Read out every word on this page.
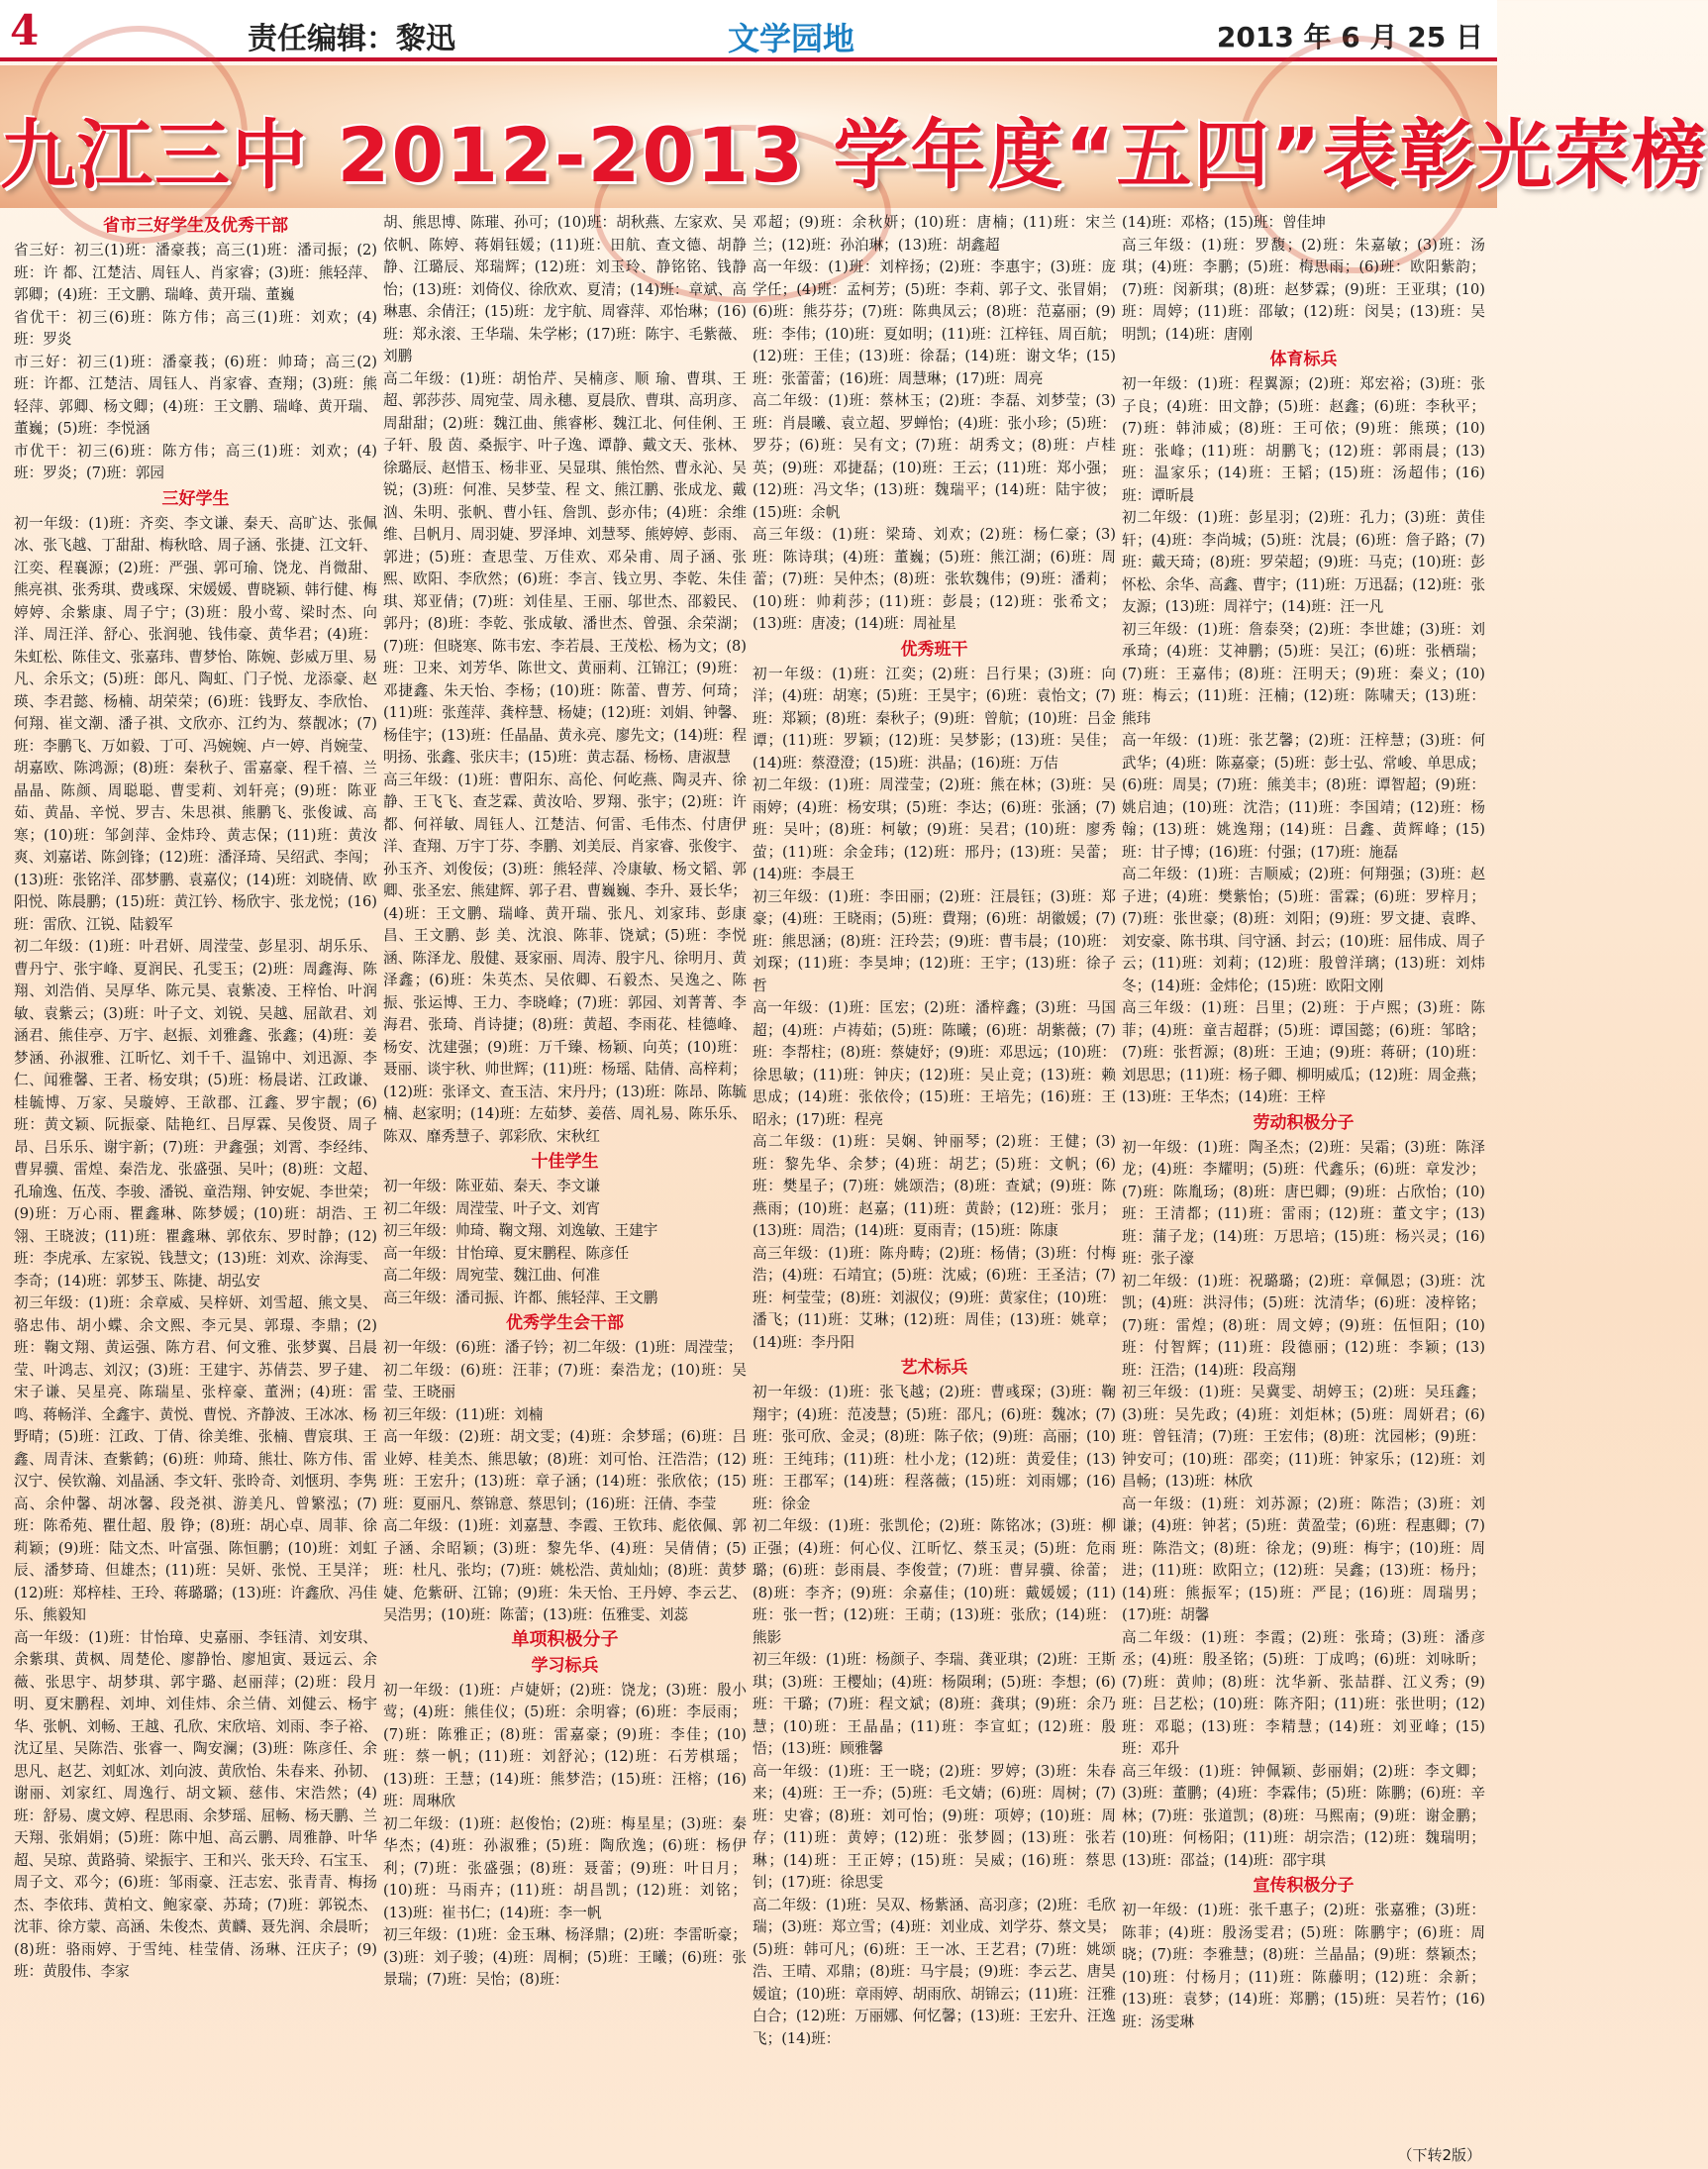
4	责任编辑：黎迅	文学园地	2013 年 6 月 25 日
九江三中 2012-2013 学年度“五四”表彰光荣榜
省市三好学生及优秀干部

省三好：初三(1)班：潘豪莪；高三(1)班：潘司振；(2)班：许 都、江楚洁、周钰人、肖家睿；(3)班：熊轻萍、郭卿；(4)班：王文鹏、瑞峰、黄开瑞、董巍

省优干：初三(6)班：陈方伟；高三(1)班：刘欢；(4)班：罗炎

市三好：初三(1)班：潘豪莪；(6)班：帅琦；高三(2)班：许都、江楚洁、周钰人、肖家睿、查翔；(3)班：熊轻萍、郭卿、杨文卿；(4)班：王文鹏、瑞峰、黄开瑞、董巍；(5)班：李悦涵

市优干：初三(6)班：陈方伟；高三(1)班：刘欢；(4)班：罗炎；(7)班：郭园

三好学生

初一年级：(1)班：齐奕、李文谦、秦天、高旷达、张佩冰、张飞越、丁甜甜、梅秋晗、周子涵、张捷、江文轩、江奕、程襄源；(2)班：严强、郭可瑜、饶龙、肖微甜、熊亮祺、张秀琪、费彧琛、宋媛媛、曹晓颖、韩行健、梅婷婷、余紫康、周子宁；(3)班：殷小莺、梁时杰、向洋、周汪洋、舒心、张润驰、钱伟豪、黄华君；(4)班：朱虹松、陈佳文、张嘉玮、曹梦怡、陈婉、彭威万里、易凡、余乐文；(5)班：郎凡、陶虹、门子悦、龙添豪、赵瑛、李君懿、杨楠、胡荣荣；(6)班：钱野友、李欣怡、何翔、崔文潮、潘子祺、文欣亦、江约为、蔡靓冰；(7)班：李鹏飞、万如毅、丁可、冯婉婉、卢一婷、肖婉莹、胡嘉欧、陈鸿源；(8)班：秦秋子、雷嘉豪、程千禧、兰晶晶、陈颜、周聪聪、曹雯莉、刘轩亮；(9)班：陈亚茹、黄晶、辛悦、罗吉、朱思祺、熊鹏飞、张俊诚、高寒；(10)班：邹剑萍、金炜玲、黄志保；(11)班：黄汝爽、刘嘉诺、陈剑锋；(12)班：潘泽琦、吴绍武、李闯；(13)班：张铭洋、邵梦鹏、袁嘉仪；(14)班：刘晓倩、欧阳悦、陈晨鹏；(15)班：黄江钤、杨欣宇、张龙悦；(16)班：雷欣、江锐、陆毅军

初二年级：(1)班：叶君妍、周滢莹、彭星羽、胡乐乐、曹丹宁、张宇峰、夏润民、孔雯玉；(2)班：周鑫海、陈翔、刘浩俏、吴厚华、陈元昊、袁紫凌、王梓怡、叶润敏、袁紫云；(3)班：叶子文、刘锐、吴越、屈歆君、刘涵君、熊佳亭、万宇、赵振、刘雅鑫、张鑫；(4)班：姜梦涵、孙淑雅、江昕忆、刘千千、温锦中、刘迅源、李仁、闻雅馨、王者、杨安琪；(5)班：杨晨诺、江政谦、桂毓博、万家、吴璇婷、王歆郡、江鑫、罗宇靓；(6)班：黄文颖、阮振豪、陆艳红、吕厚霖、吴俊贤、周子昂、吕乐乐、谢宇新；(7)班：尹鑫强；刘霄、李经纬、曹昇骥、雷煌、秦浩龙、张盛强、吴叶；(8)班：文超、孔瑜逸、伍茂、李骏、潘锐、童浩翔、钟安妮、李世荣；(9)班：万心雨、瞿鑫琳、陈梦媛；(10)班：胡浩、王翎、王晓波；(11)班：瞿鑫琳、郭依东、罗时静；(12)班：李虎承、左家锐、钱慧文；(13)班：刘欢、涂海雯、李奇；(14)班：郭梦玉、陈捷、胡弘安

初三年级：(1)班：余章威、吴梓妍、刘雪超、熊文昊、骆忠伟、胡小蝶、余文熙、李元昊、郭璟、李鼎；(2)班：鞠文翔、黄运强、陈方君、何文雅、张梦翼、吕晨莹、叶鸿志、刘汉；(3)班：王建宇、苏倩芸、罗子建、宋子谦、吴星亮、陈瑞星、张梓豪、董洲；(4)班：雷鸣、蒋畅洋、全鑫宇、黄悦、曹悦、齐静波、王冰冰、杨野晴；(5)班：江政、丁倩、徐美维、张楠、曹宸琪、王鑫、周青沫、查紫鹤；(6)班：帅琦、熊壮、陈方伟、雷汉宁、侯钦瀚、刘晶涵、李文轩、张昤奇、刘惬玥、李隽高、余仲馨、胡冰馨、段尧祺、游美凡、曾繁泓；(7)班：陈希苑、瞿仕超、殷 铮；(8)班：胡心卓、周菲、徐莉颖；(9)班：陆文杰、叶富强、陈恒鹏；(10)班：刘虹辰、潘梦琦、但雄杰；(11)班：吴妍、张悦、王昊洋；(12)班：郑梓桂、王玲、蒋璐璐；(13)班：许鑫欣、冯佳乐、熊毅知

高一年级：(1)班：甘怡璋、史嘉丽、李钰清、刘安琪、余紫琪、黄枫、周楚伦、廖静怡、廖旭寅、聂远云、余薇、张思宇、胡梦琪、郭宇璐、赵丽萍；(2)班：段月明、夏宋鹏程、刘坤、刘佳炜、余兰倩、刘健云、杨宇华、张帆、刘畅、王越、孔欣、宋欣培、刘雨、李子裕、沈辽星、吴陈浩、张睿一、陶安澜；(3)班：陈彦任、余思凡、赵艺、刘虹冰、刘向波、黄欣怡、朱春来、孙韧、谢丽、刘家红、周逸行、胡文颖、慈伟、宋浩然；(4)班：舒易、虞文婷、程思雨、余梦瑶、屈畅、杨天鹏、兰天翔、张娟娟；(5)班：陈中旭、高云鹏、周雅静、叶华超、吴琼、黄路骑、梁振宇、王和兴、张天玲、石宝玉、周子文、邓今；(6)班：邹雨豪、汪志宏、张青青、梅扬杰、李依玮、黄柏文、鲍家豪、苏琦；(7)班：郭锐杰、沈菲、徐方蒙、高涵、朱俊杰、黄麟、聂先润、余晨昕；(8)班：骆雨婷、于雪纯、桂莹倩、汤琳、汪庆子；(9)班：黄殷伟、李家

胡、熊思博、陈璀、孙可；(10)班：胡秋燕、左家欢、吴依帆、陈婷、蒋娟钰媛；(11)班：田航、查文德、胡静静、江璐辰、郑瑞辉；(12)班：刘玉玲、静铭铭、钱静怡；(13)班：刘倚仪、徐欣欢、夏清；(14)班：章斌、高琳惠、余倩汪；(15)班：龙宇航、周睿萍、邓怡琳；(16)班：郑永滚、王华瑞、朱学彬；(17)班：陈宇、毛紫薇、刘鹏

高二年级：(1)班：胡怡芹、吴楠彦、顺 瑜、曹琪、王超、郭莎莎、周宛莹、周永穗、夏晨欣、曹琪、高玥彦、周甜甜；(2)班：魏江曲、熊睿彬、魏江北、何佳俐、王子轩、殷 茵、桑振宇、叶子逸、谭静、戴文天、张林、徐璐辰、赵惜玉、杨非亚、吴显琪、熊怡然、曹永沁、吴锐；(3)班：何准、吴梦莹、程 文、熊江鹏、张成龙、戴汹、朱明、张帆、曹小钰、詹凯、彭亦伟；(4)班：余维维、吕帆月、周羽婕、罗泽坤、刘慧琴、熊婷婷、彭雨、郭进；(5)班：查思莹、万佳欢、邓朵甫、周子涵、张熙、欧阳、李欣然；(6)班：李言、钱立男、李乾、朱佳琪、郑亚倩；(7)班：刘佳星、王丽、邬世杰、邵毅民、郭丹；(8)班：李乾、张成敏、潘世杰、曾强、余荣湖；(7)班：但晓寒、陈韦宏、李若晨、王茂松、杨为文；(8)班：卫来、刘芳华、陈世文、黄丽莉、江锦江；(9)班：邓捷鑫、朱天怡、李杨；(10)班：陈蕾、曹芳、何琦；(11)班：张莲萍、龚梓慧、杨婕；(12)班：刘娟、钟馨、杨佳宇；(13)班：任晶晶、黄永亮、廖先文；(14)班：程明扬、张鑫、张庆丰；(15)班：黄志磊、杨杨、唐淑慧

高三年级：(1)班：曹阳东、高伦、何屹燕、陶灵卉、徐静、王飞飞、查芝霖、黄汝哈、罗翔、张宇；(2)班：许都、何祥敏、周钰人、江楚洁、何雷、毛伟杰、付唐伊洋、査翔、万宇丁芬、李鹏、刘美辰、肖家睿、张俊宇、孙玉齐、刘俊佞；(3)班：熊轻萍、冷康敏、杨文韬、郭卿、张圣宏、熊建辉、郭子君、曹巍巍、李升、聂长华；(4)班：王文鹏、瑞峰、黄开瑞、张凡、刘家玮、彭康昌、王文鹏、彭 美、沈浪、陈菲、饶斌；(5)班：李悦涵、陈泽龙、殷健、聂家丽、周涛、殷宇凡、徐明月、黄泽鑫；(6)班：朱英杰、吴依卿、石毅杰、吴逸之、陈振、张运博、王力、李晓峰；(7)班：郭园、刘菁菁、李海君、张琦、肖诗捷；(8)班：黄超、李雨花、桂德峰、杨安、沈建强；(9)班：万千臻、杨颖、向英；(10)班：聂丽、谈宇秋、帅世辉；(11)班：杨瑶、陆倩、高梓莉；(12)班：张译文、查玉洁、宋丹丹；(13)班：陈昂、陈毓楠、赵家明；(14)班：左茹梦、姜蓓、周礼易、陈乐乐、陈双、靡秀慧子、郭彩欣、宋秋红

十佳学生

初一年级：陈亚茹、秦天、李文谦

初二年级：周滢莹、叶子文、刘宵

初三年级：帅琦、鞠文翔、刘逸敏、王建宇

高一年级：甘怡璋、夏宋鹏程、陈彦任

高二年级：周宛莹、魏江曲、何准

高三年级：潘司振、许都、熊轻萍、王文鹏

优秀学生会干部

初一年级：(6)班：潘子钤；初二年级：(1)班：周滢莹；

初二年级：(6)班：汪菲；(7)班：秦浩龙；(10)班：吴莹、王晓丽

初三年级：(11)班：刘楠

高一年级：(2)班：胡文雯；(4)班：余梦瑶；(6)班：吕业婷、桂美杰、熊思敏；(8)班：刘可怡、汪浩浩；(12)班：王宏升；(13)班：章子涵；(14)班：张欣依；(15)班：夏丽凡、蔡锦意、蔡思钊；(16)班：汪倩、李莹

高二年级：(1)班：刘嘉慧、李霞、王钦玮、彪依佩、郭子涵、余昭颖；(3)班：黎先华、(4)班：吴倩倩；(5)班：杜凡、张均；(7)班：姚松浩、黄灿灿；(8)班：黄梦婕、危紫研、江锦；(9)班：朱天怡、王丹婷、李云艺、吴浩男；(10)班：陈蕾；(13)班：伍雅雯、刘蕊

单项积极分子
学习标兵

初一年级：(1)班：卢婕妍；(2)班：饶龙；(3)班：殷小莺；(4)班：熊佳仪；(5)班：余明睿；(6)班：李辰雨；(7)班：陈雅正；(8)班：雷嘉豪；(9)班：李佳；(10)班：蔡一帆；(11)班：刘舒沁；(12)班：石芳棋瑶；(13)班：王慧；(14)班：熊梦浩；(15)班：汪榕；(16)班：周琳欣

初二年级：(1)班：赵俊怡；(2)班：梅星星；(3)班：秦华杰；(4)班：孙淑雅；(5)班：陶欣逸；(6)班：杨伊利；(7)班：张盛强；(8)班：聂蕾；(9)班：叶日月；(10)班：马雨卉；(11)班：胡昌凯；(12)班：刘铭；(13)班：崔书仁；(14)班：李一帆

初三年级：(1)班：金玉琳、杨泽鼎；(2)班：李雷昕豪；(3)班：刘子骏；(4)班：周桐；(5)班：王曦；(6)班：张景瑞；(7)班：吴怡；(8)班：

邓超；(9)班：余秋妍；(10)班：唐楠；(11)班：宋兰兰；(12)班：孙泊琳；(13)班：胡鑫超

高一年级：(1)班：刘梓扬；(2)班：李惠宇；(3)班：庞学任；(4)班：孟柯芳；(5)班：李莉、郭子文、张冒娟；(6)班：熊芬芬；(7)班：陈典凤云；(8)班：范嘉丽；(9)班：李伟；(10)班：夏如明；(11)班：江梓钰、周百航；(12)班：王佳；(13)班：徐磊；(14)班：谢文华；(15)班：张蕾蕾；(16)班：周慧琳；(17)班：周亮

高二年级：(1)班：蔡林玉；(2)班：李磊、刘梦莹；(3)班：肖晨曦、袁立超、罗蝉怡；(4)班：张小珍；(5)班：罗芬；(6)班：吴有文；(7)班：胡秀文；(8)班：卢桂英；(9)班：邓捷磊；(10)班：王云；(11)班：郑小强；(12)班：冯文华；(13)班：魏瑞平；(14)班：陆宇彼；(15)班：余帆

高三年级：(1)班：梁琦、刘欢；(2)班：杨仁豪；(3)班：陈诗琪；(4)班：董巍；(5)班：熊江湖；(6)班：周蕾；(7)班：吴仲杰；(8)班：张软魏伟；(9)班：潘莉；(10)班：帅莉莎；(11)班：彭晨；(12)班：张希文；(13)班：唐凌；(14)班：周祉星

优秀班干

初一年级：(1)班：江奕；(2)班：吕行果；(3)班：向洋；(4)班：胡寒；(5)班：王昊宇；(6)班：袁怡文；(7)班：郑颖；(8)班：秦秋子；(9)班：曾航；(10)班：吕金谭；(11)班：罗颖；(12)班：吴梦影；(13)班：吴佳；(14)班：蔡澄澄；(15)班：洪晶；(16)班：万佶

初二年级：(1)班：周滢莹；(2)班：熊在林；(3)班：吴雨婷；(4)班：杨安琪；(5)班：李达；(6)班：张涵；(7)班：吴叶；(8)班：柯敏；(9)班：吴君；(10)班：廖秀萤；(11)班：余金玮；(12)班：邢丹；(13)班：吴蕾；(14)班：李晨王

初三年级：(1)班：李田丽；(2)班：汪晨钰；(3)班：郑豪；(4)班：王晓雨；(5)班：費翔；(6)班：胡徽媛；(7)班：熊思涵；(8)班：汪玲芸；(9)班：曹韦晨；(10)班：刘琛；(11)班：李昊坤；(12)班：王宇；(13)班：徐子哲

高一年级：(1)班：匡宏；(2)班：潘梓鑫；(3)班：马国超；(4)班：卢祷茹；(5)班：陈曦；(6)班：胡紫薇；(7)班：李帮柱；(8)班：蔡婕妤；(9)班：邓思远；(10)班：徐思敏；(11)班：钟庆；(12)班：吴止竞；(13)班：赖思成；(14)班：张依伶；(15)班：王培先；(16)班：王昭永；(17)班：程亮

高二年级：(1)班：吴娴、钟丽琴；(2)班：王健；(3)班：黎先华、余梦；(4)班：胡艺；(5)班：文帆；(6)班：樊星子；(7)班：姚颂浩；(8)班：查斌；(9)班：陈燕雨；(10)班：赵嘉；(11)班：黄龄；(12)班：张月；(13)班：周浩；(14)班：夏雨青；(15)班：陈康

高三年级：(1)班：陈舟畴；(2)班：杨倩；(3)班：付梅浩；(4)班：石靖宜；(5)班：沈威；(6)班：王圣洁；(7)班：柯莹莹；(8)班：刘淑仪；(9)班：黄家住；(10)班：潘飞；(11)班：艾琳；(12)班：周佳；(13)班：姚章；(14)班：李丹阳

艺术标兵

初一年级：(1)班：张飞越；(2)班：曹彧琛；(3)班：鞠翔宇；(4)班：范凌慧；(5)班：邵凡；(6)班：魏冰；(7)班：张可欣、金灵；(8)班：陈子依；(9)班：高丽；(10)班：王纯玮；(11)班：杜小龙；(12)班：黄爱佳；(13)班：王郡军；(14)班：程落薇；(15)班：刘雨娜；(16)班：徐金

初二年级：(1)班：张凯伦；(2)班：陈铭冰；(3)班：柳正强；(4)班：何心仪、江昕忆、蔡玉灵；(5)班：危雨璐；(6)班：彭雨晨、李俊萱；(7)班：曹昇骥、徐蕾；(8)班：李齐；(9)班：余嘉佳；(10)班：戴媛媛；(11)班：张一哲；(12)班：王萌；(13)班：张欣；(14)班：熊影

初三年级：(1)班：杨颜子、李瑞、龚亚琪；(2)班：王斯琪；(3)班：王樱灿；(4)班：杨陨琍；(5)班：李想；(6)班：干璐；(7)班：程文斌；(8)班：龚琪；(9)班：余乃慧；(10)班：王晶晶；(11)班：李宣虹；(12)班：殷悟；(13)班：顾雅馨

高一年级：(1)班：王一晓；(2)班：罗婷；(3)班：朱春来；(4)班：王一乔；(5)班：毛文婧；(6)班：周树；(7)班：史睿；(8)班：刘可怡；(9)班：项婷；(10)班：周存；(11)班：黄婷；(12)班：张梦圆；(13)班：张若琳；(14)班：王正婷；(15)班：吴威；(16)班：蔡思钊；(17)班：徐思雯

高二年级：(1)班：吴双、杨紫涵、高羽彦；(2)班：毛欣瑞；(3)班：郑立雪；(4)班：刘业成、刘学芬、蔡文昊；(5)班：韩可凡；(6)班：王一冰、王艺君；(7)班：姚颂浩、王晴、邓鼎；(8)班：马宇晨；(9)班：李云艺、唐昊媛谊；(10)班：章雨婷、胡雨欣、胡锦云；(11)班：汪雅白合；(12)班：万丽娜、何忆馨；(13)班：王宏升、汪逸飞；(14)班：

(14)班：邓格；(15)班：曾佳坤

高三年级：(1)班：罗馥；(2)班：朱嘉敏；(3)班：汤琪；(4)班：李鹏；(5)班：梅思雨；(6)班：欧阳紫韵；(7)班：闵新琪；(8)班：赵梦霖；(9)班：王亚琪；(10)班：周婷；(11)班：邵敏；(12)班：闵昊；(13)班：吴明凯；(14)班：唐刚

体育标兵

初一年级：(1)班：程翼源；(2)班：郑宏裕；(3)班：张子良；(4)班：田文静；(5)班：赵鑫；(6)班：李秋平；(7)班：韩沛威；(8)班：王可依；(9)班：熊瑛；(10)班：张峰；(11)班：胡鹏飞；(12)班：郭雨晨；(13)班：温家乐；(14)班：王韬；(15)班：汤超伟；(16)班：谭昕晨

初二年级：(1)班：彭星羽；(2)班：孔力；(3)班：黄佳轩；(4)班：李尚城；(5)班：沈晨；(6)班：詹子路；(7)班：戴天琦；(8)班：罗荣超；(9)班：马克；(10)班：彭怀松、余华、高鑫、曹宇；(11)班：万迅磊；(12)班：张友源；(13)班：周祥宁；(14)班：汪一凡

初三年级：(1)班：詹泰癸；(2)班：李世雄；(3)班：刘承琦；(4)班：艾神鹏；(5)班：吴江；(6)班：张栖瑞；(7)班：王嘉伟；(8)班：汪明天；(9)班：秦义；(10)班：梅云；(11)班：汪楠；(12)班：陈啸天；(13)班：熊玮

高一年级：(1)班：张艺馨；(2)班：汪梓慧；(3)班：何武华；(4)班：陈嘉豪；(5)班：彭士弘、常峻、单思成；(6)班：周昊；(7)班：熊美丰；(8)班：谭智超；(9)班：姚启迪；(10)班：沈浩；(11)班：李国靖；(12)班：杨翰；(13)班：姚逸翔；(14)班：吕鑫、黄辉峰；(15)班：甘子博；(16)班：付强；(17)班：施磊

高二年级：(1)班：吉顺威；(2)班：何翔强；(3)班：赵子进；(4)班：樊紫怡；(5)班：雷霖；(6)班：罗梓月；(7)班：张世豪；(8)班：刘阳；(9)班：罗文捷、袁晔、刘安豪、陈书琪、闫守涵、封云；(10)班：屈伟成、周子云；(11)班：刘莉；(12)班：殷曾洋璃；(13)班：刘炜冬；(14)班：金炜伦；(15)班：欧阳文刚

高三年级：(1)班：吕里；(2)班：于卢熙；(3)班：陈菲；(4)班：童吉超群；(5)班：谭国懿；(6)班：邹晗；(7)班：张哲源；(8)班：王迪；(9)班：蒋研；(10)班：刘思思；(11)班：杨子卿、柳明威瓜；(12)班：周金燕；(13)班：王华杰；(14)班：王梓

劳动积极分子

初一年级：(1)班：陶圣杰；(2)班：吴霜；(3)班：陈泽龙；(4)班：李耀明；(5)班：代鑫乐；(6)班：章发沙；(7)班：陈胤玚；(8)班：唐巴卿；(9)班：占欣怡；(10)班：王清都；(11)班：雷雨；(12)班：董文宇；(13)班：蒲子龙；(14)班：万思培；(15)班：杨兴灵；(16)班：张子濠

初二年级：(1)班：祝璐璐；(2)班：章佩恩；(3)班：沈凯；(4)班：洪浔伟；(5)班：沈清华；(6)班：凌梓铭；(7)班：雷煌；(8)班：周文婷；(9)班：伍恒阳；(10)班：付智辉；(11)班：段德丽；(12)班：李颖；(13)班：汪浩；(14)班：段高翔

初三年级：(1)班：吴冀雯、胡婷玉；(2)班：吴珏鑫；(3)班：吴先政；(4)班：刘炬林；(5)班：周妍君；(6)班：曾钰清；(7)班：王宏伟；(8)班：沈园彬；(9)班：钟安可；(10)班：邵奕；(11)班：钟家乐；(12)班：刘昌畅；(13)班：林欣

高一年级：(1)班：刘苏源；(2)班：陈浩；(3)班：刘谦；(4)班：钟茗；(5)班：黄盈莹；(6)班：程惠卿；(7)班：陈浩文；(8)班：徐龙；(9)班：梅宇；(10)班：周进；(11)班：欧阳立；(12)班：吴鑫；(13)班：杨丹；(14)班：熊振军；(15)班：严昆；(16)班：周瑞男；(17)班：胡馨

高二年级：(1)班：李霞；(2)班：张琦；(3)班：潘彦丞；(4)班：殷圣铭；(5)班：丁成鸣；(6)班：刘咏昕；(7)班：黄帅；(8)班：沈华新、张喆群、江义秀；(9)班：吕艺松；(10)班：陈齐阳；(11)班：张世明；(12)班：邓聪；(13)班：李精慧；(14)班：刘亚峰；(15)班：邓升

高三年级：(1)班：钟佩颖、彭丽娟；(2)班：李文卿；(3)班：董鹏；(4)班：李霖伟；(5)班：陈鹏；(6)班：辛林；(7)班：张道凯；(8)班：马熙南；(9)班：谢金鹏；(10)班：何杨阳；(11)班：胡宗浩；(12)班：魏瑞明；(13)班：邵益；(14)班：邵宇琪

宣传积极分子

初一年级：(1)班：张千惠子；(2)班：张嘉雅；(3)班：陈菲；(4)班：殷汤雯君；(5)班：陈鹏宇；(6)班：周晓；(7)班：李雅慧；(8)班：兰晶晶；(9)班：蔡颖杰；(10)班：付杨月；(11)班：陈藤明；(12)班：余新；(13)班：袁梦；(14)班：郑鹏；(15)班：吴若竹；(16)班：汤雯琳

（下转2版）
